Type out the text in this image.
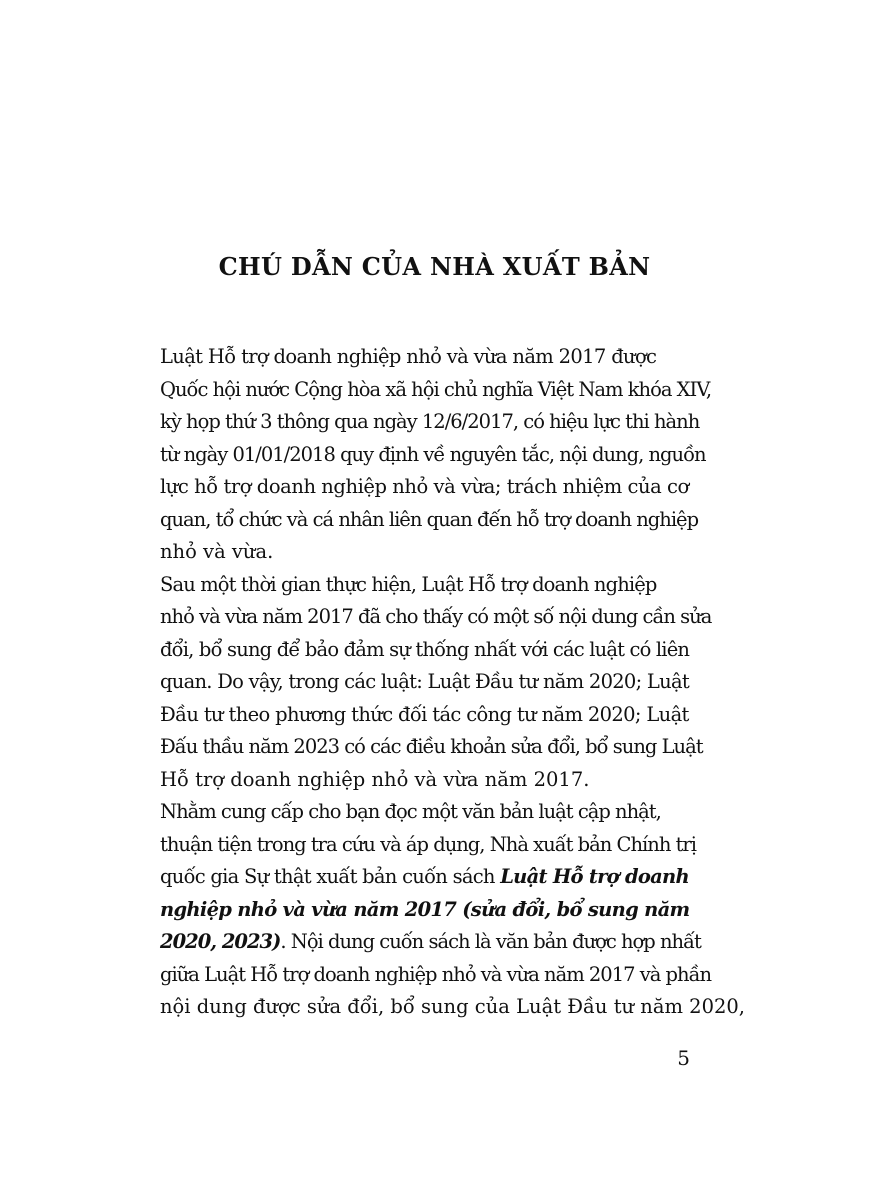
CHÚ DẪN CỦA NHÀ XUẤT BẢN

Luật Hỗ trợ doanh nghiệp nhỏ và vừa năm 2017 được
Quốc hội nước Cộng hòa xã hội chủ nghĩa Việt Nam khóa XIV,
kỳ họp thứ 3 thông qua ngày 12/6/2017, có hiệu lực thi hành
từ ngày 01/01/2018 quy định về nguyên tắc, nội dung, nguồn
lực hỗ trợ doanh nghiệp nhỏ và vừa; trách nhiệm của cơ
quan, tổ chức và cá nhân liên quan đến hỗ trợ doanh nghiệp
nhỏ và vừa.

Sau một thời gian thực hiện, Luật Hỗ trợ doanh nghiệp
nhỏ và vừa năm 2017 đã cho thấy có một số nội dung cần sửa
đổi, bổ sung để bảo đảm sự thống nhất với các luật có liên
quan. Do vậy, trong các luật: Luật Đầu tư năm 2020; Luật
Đầu tư theo phương thức đối tác công tư năm 2020; Luật
Đấu thầu năm 2023 có các điều khoản sửa đổi, bổ sung Luật
Hỗ trợ doanh nghiệp nhỏ và vừa năm 2017.

Nhằm cung cấp cho bạn đọc một văn bản luật cập nhật,
thuận tiện trong tra cứu và áp dụng, Nhà xuất bản Chính trị
quốc gia Sự thật xuất bản cuốn sách Luật Hỗ trợ doanh
nghiệp nhỏ và vừa năm 2017 (sửa đổi, bổ sung năm
2020, 2023). Nội dung cuốn sách là văn bản được hợp nhất
giữa Luật Hỗ trợ doanh nghiệp nhỏ và vừa năm 2017 và phần
nội dung được sửa đổi, bổ sung của Luật Đầu tư năm 2020,

5
